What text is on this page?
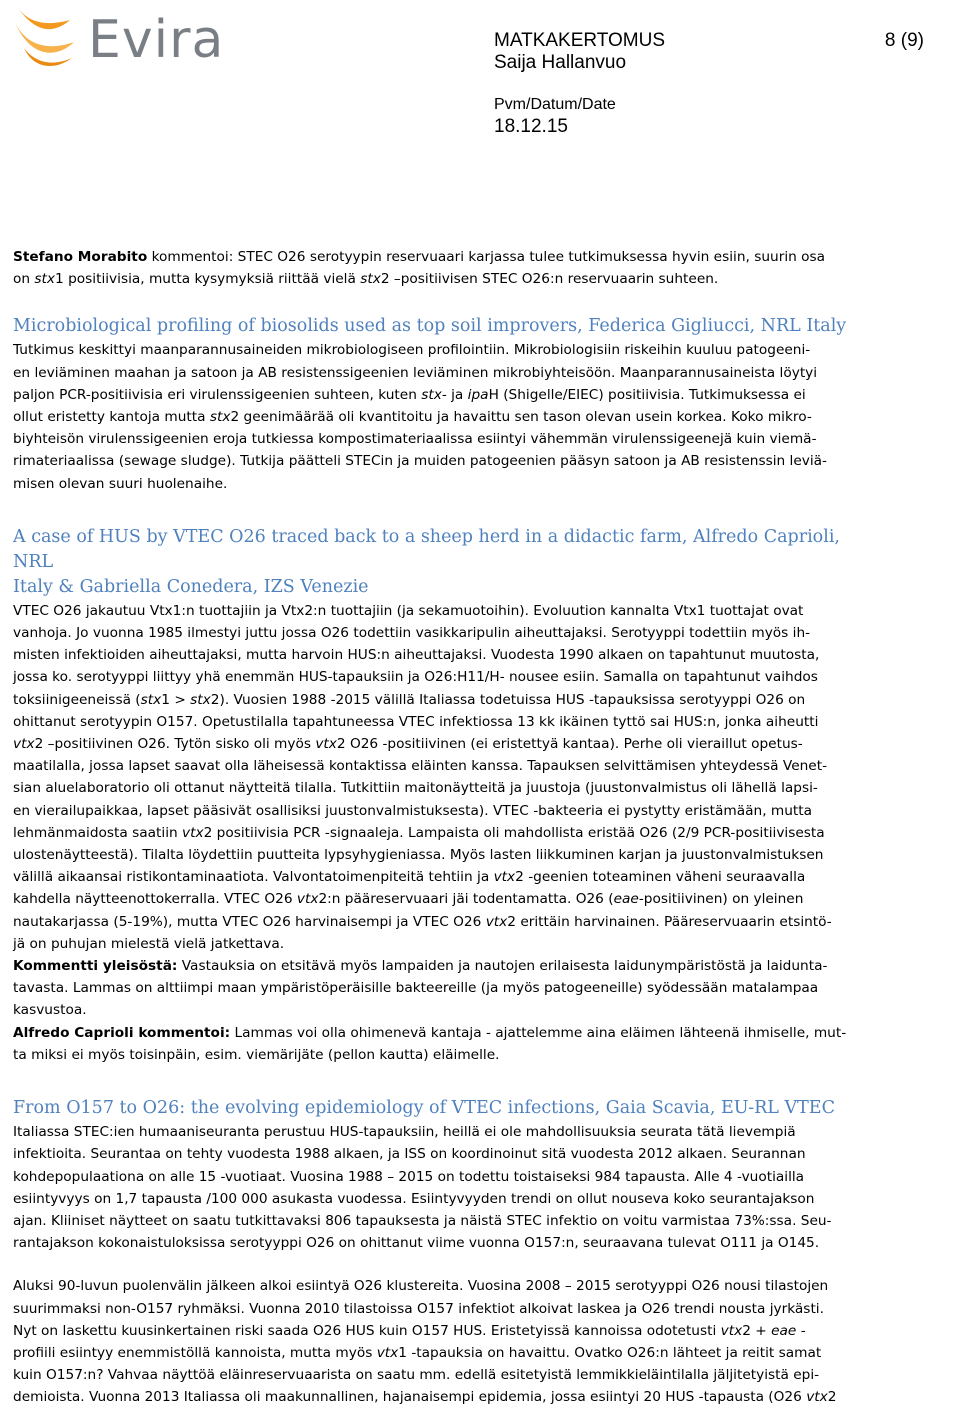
Evira	MATKAKERTOMUS
Saija Hallanvuo
Pvm/Datum/Date
18.12.15
8 (9)

Stefano Morabito kommentoi: STEC O26 serotyypin reservuaari karjassa tulee tutkimuksessa hyvin esiin, suurin osa
on stx1 positiivisia, mutta kysymyksiä riittää vielä stx2 –positiivisen STEC O26:n reservuaarin suhteen.

Microbiological profiling of biosolids used as top soil improvers, Federica Gigliucci, NRL Italy

Tutkimus keskittyi maanparannusaineiden mikrobiologiseen profilointiin. Mikrobiologisiin riskeihin kuuluu patogeeni-
en leviäminen maahan ja satoon ja AB resistenssigeenien leviäminen mikrobiyhteisöön. Maanparannusaineista löytyi
paljon PCR-positiivisia eri virulenssigeenien suhteen, kuten stx- ja ipaH (Shigelle/EIEC) positiivisia. Tutkimuksessa ei
ollut eristetty kantoja mutta stx2 geenimäärää oli kvantitoitu ja havaittu sen tason olevan usein korkea. Koko mikro-
biyhteisön virulenssigeenien eroja tutkiessa kompostimateriaalissa esiintyi vähemmän virulenssigeenejä kuin viemä-
rimateriaalissa (sewage sludge). Tutkija päätteli STECin ja muiden patogeenien pääsyn satoon ja AB resistenssin leviä-
misen olevan suuri huolenaihe.

A case of HUS by VTEC O26 traced back to a sheep herd in a didactic farm, Alfredo Caprioli, NRL
Italy & Gabriella Conedera, IZS Venezie

VTEC O26 jakautuu Vtx1:n tuottajiin ja Vtx2:n tuottajiin (ja sekamuotoihin). Evoluution kannalta Vtx1 tuottajat ovat
vanhoja. Jo vuonna 1985 ilmestyi juttu jossa O26 todettiin vasikkaripulin aiheuttajaksi. Serotyyppi todettiin myös ih-
misten infektioiden aiheuttajaksi, mutta harvoin HUS:n aiheuttajaksi. Vuodesta 1990 alkaen on tapahtunut muutosta,
jossa ko. serotyyppi liittyy yhä enemmän HUS-tapauksiin ja O26:H11/H- nousee esiin. Samalla on tapahtunut vaihdos
toksiinigeeneissä (stx1 > stx2). Vuosien 1988 -2015 välillä Italiassa todetuissa HUS -tapauksissa serotyyppi O26 on
ohittanut serotyypin O157. Opetustilalla tapahtuneessa VTEC infektiossa 13 kk ikäinen tyttö sai HUS:n, jonka aiheutti
vtx2 –positiivinen O26. Tytön sisko oli myös vtx2 O26 -positiivinen (ei eristettyä kantaa). Perhe oli vieraillut opetus-
maatilalla, jossa lapset saavat olla läheisessä kontaktissa eläinten kanssa. Tapauksen selvittämisen yhteydessä Venet-
sian aluelaboratorio oli ottanut näytteitä tilalla. Tutkittiin maitonäytteitä ja juustoja (juustonvalmistus oli lähellä lapsi-
en vierailupaikkaa, lapset pääsivät osallisiksi juustonvalmistuksesta). VTEC -bakteeria ei pystytty eristämään, mutta
lehmänmaidosta saatiin vtx2 positiivisia PCR -signaaleja. Lampaista oli mahdollista eristää O26 (2/9 PCR-positiivisesta
ulostenäytteestä). Tilalta löydettiin puutteita lypsyhygieniassa. Myös lasten liikkuminen karjan ja juustonvalmistuksen
välillä aikaansai ristikontaminaatiota. Valvontatoimenpiteitä tehtiin ja vtx2 -geenien toteaminen väheni seuraavalla
kahdella näytteenottokerralla. VTEC O26 vtx2:n pääreservuaari jäi todentamatta. O26 (eae-positiivinen) on yleinen
nautakarjassa (5-19%), mutta VTEC O26 harvinaisempi ja VTEC O26 vtx2 erittäin harvinainen. Pääreservuaarin etsintö-
jä on puhujan mielestä vielä jatkettava.
Kommentti yleisöstä: Vastauksia on etsitävä myös lampaiden ja nautojen erilaisesta laidunympäristöstä ja laidunta-
tavasta. Lammas on alttiimpi maan ympäristöperäisille bakteereille (ja myös patogeeneille) syödessään matalampaa
kasvustoa.
Alfredo Caprioli kommentoi: Lammas voi olla ohimenevä kantaja - ajattelemme aina eläimen lähteenä ihmiselle, mut-
ta miksi ei myös toisinpäin, esim. viemärijäte (pellon kautta) eläimelle.

From O157 to O26: the evolving epidemiology of VTEC infections, Gaia Scavia, EU-RL VTEC

Italiassa STEC:ien humaaniseuranta perustuu HUS-tapauksiin, heillä ei ole mahdollisuuksia seurata tätä lievempiä
infektioita. Seurantaa on tehty vuodesta 1988 alkaen, ja ISS on koordinoinut sitä vuodesta 2012 alkaen. Seurannan
kohdepopulaationa on alle 15 -vuotiaat. Vuosina 1988 – 2015 on todettu toistaiseksi 984 tapausta. Alle 4 -vuotiailla
esiintyvyys on 1,7 tapausta /100 000 asukasta vuodessa. Esiintyvyyden trendi on ollut nouseva koko seurantajakson
ajan. Kliiniset näytteet on saatu tutkittavaksi 806 tapauksesta ja näistä STEC infektio on voitu varmistaa 73%:ssa. Seu-
rantajakson kokonaistuloksissa serotyyppi O26 on ohittanut viime vuonna O157:n, seuraavana tulevat O111 ja O145.

Aluksi 90-luvun puolenvälin jälkeen alkoi esiintyä O26 klustereita. Vuosina 2008 – 2015 serotyyppi O26 nousi tilastojen
suurimmaksi non-O157 ryhmäksi. Vuonna 2010 tilastoissa O157 infektiot alkoivat laskea ja O26 trendi nousta jyrkästi.
Nyt on laskettu kuusinkertainen riski saada O26 HUS kuin O157 HUS. Eristetyissä kannoissa odotetusti vtx2 + eae -
profiili esiintyy enemmistöllä kannoista, mutta myös vtx1 -tapauksia on havaittu. Ovatko O26:n lähteet ja reitit samat
kuin O157:n? Vahvaa näyttöä eläinreservuaarista on saatu mm. edellä esitetyistä lemmikkieläintilalla jäljitetyistä epi-
demioista. Vuonna 2013 Italiassa oli maakunnallinen, hajanaisempi epidemia, jossa esiintyi 20 HUS -tapausta (O26 vtx2
